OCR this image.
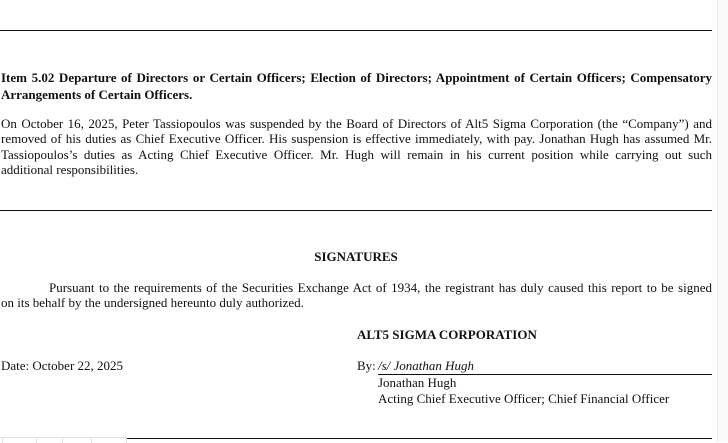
Item 5.02 Departure of Directors or Certain Officers; Election of Directors; Appointment of Certain Officers; Compensatory
Arrangements of Certain Officers.
On October 16, 2025, Peter Tassiopoulos was suspended by the Board of Directors of Alt5 Sigma Corporation (the “Company”) and
removed of his duties as Chief Executive Officer. His suspension is effective immediately, with pay. Jonathan Hugh has assumed Mr.
Tassiopoulos’s duties as Acting Chief Executive Officer. Mr. Hugh will remain in his current position while carrying out such
additional responsibilities.
SIGNATURES
Pursuant to the requirements of the Securities Exchange Act of 1934, the registrant has duly caused this report to be signed
on its behalf by the undersigned hereunto duly authorized.
ALT5 SIGMA CORPORATION
Date: October 22, 2025	By: /s/ Jonathan Hugh
Jonathan Hugh
Acting Chief Executive Officer; Chief Financial Officer
